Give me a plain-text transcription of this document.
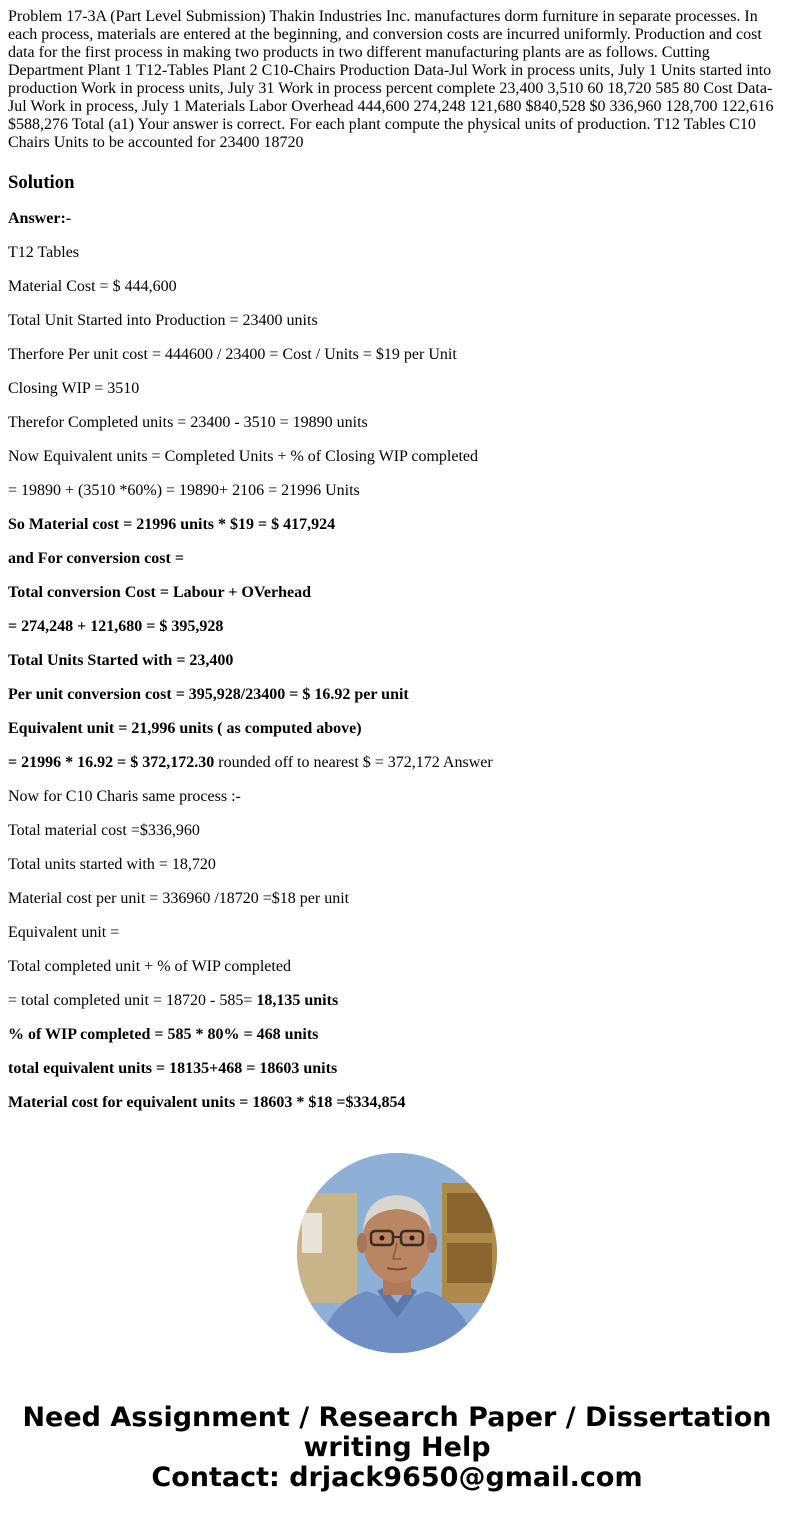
Problem 17-3A (Part Level Submission) Thakin Industries Inc. manufactures dorm furniture in separate processes. In each process, materials are entered at the beginning, and conversion costs are incurred uniformly. Production and cost data for the first process in making two products in two different manufacturing plants are as follows. Cutting Department Plant 1 T12-Tables Plant 2 C10-Chairs Production Data-Jul Work in process units, July 1 Units started into production Work in process units, July 31 Work in process percent complete 23,400 3,510 60 18,720 585 80 Cost Data-Jul Work in process, July 1 Materials Labor Overhead 444,600 274,248 121,680 $840,528 $0 336,960 128,700 122,616 $588,276 Total (a1) Your answer is correct. For each plant compute the physical units of production. T12 Tables C10 Chairs Units to be accounted for 23400 18720

Solution

Answer:-

T12 Tables

Material Cost = $ 444,600

Total Unit Started into Production = 23400 units

Therfore Per unit cost = 444600 / 23400 = Cost / Units = $19 per Unit

Closing WIP = 3510

Therefor Completed units = 23400 - 3510 = 19890 units

Now Equivalent units = Completed Units + % of Closing WIP completed

= 19890 + (3510 *60%) = 19890+ 2106 = 21996 Units

So Material cost = 21996 units * $19 = $ 417,924

and For conversion cost =

Total conversion Cost = Labour + OVerhead

= 274,248 + 121,680 = $ 395,928

Total Units Started with = 23,400

Per unit conversion cost = 395,928/23400 = $ 16.92 per unit

Equivalent unit = 21,996 units ( as computed above)

= 21996 * 16.92 = $ 372,172.30 rounded off to nearest $ = 372,172 Answer

Now for C10 Charis same process :-

Total material cost =$336,960

Total units started with = 18,720

Material cost per unit = 336960 /18720 =$18 per unit

Equivalent unit =

Total completed unit + % of WIP completed

= total completed unit = 18720 - 585= 18,135 units

% of WIP completed = 585 * 80% = 468 units

total equivalent units = 18135+468 = 18603 units

Material cost for equivalent units = 18603 * $18 =$334,854

Need Assignment / Research Paper / Dissertation
writing Help
Contact: drjack9650@gmail.com
